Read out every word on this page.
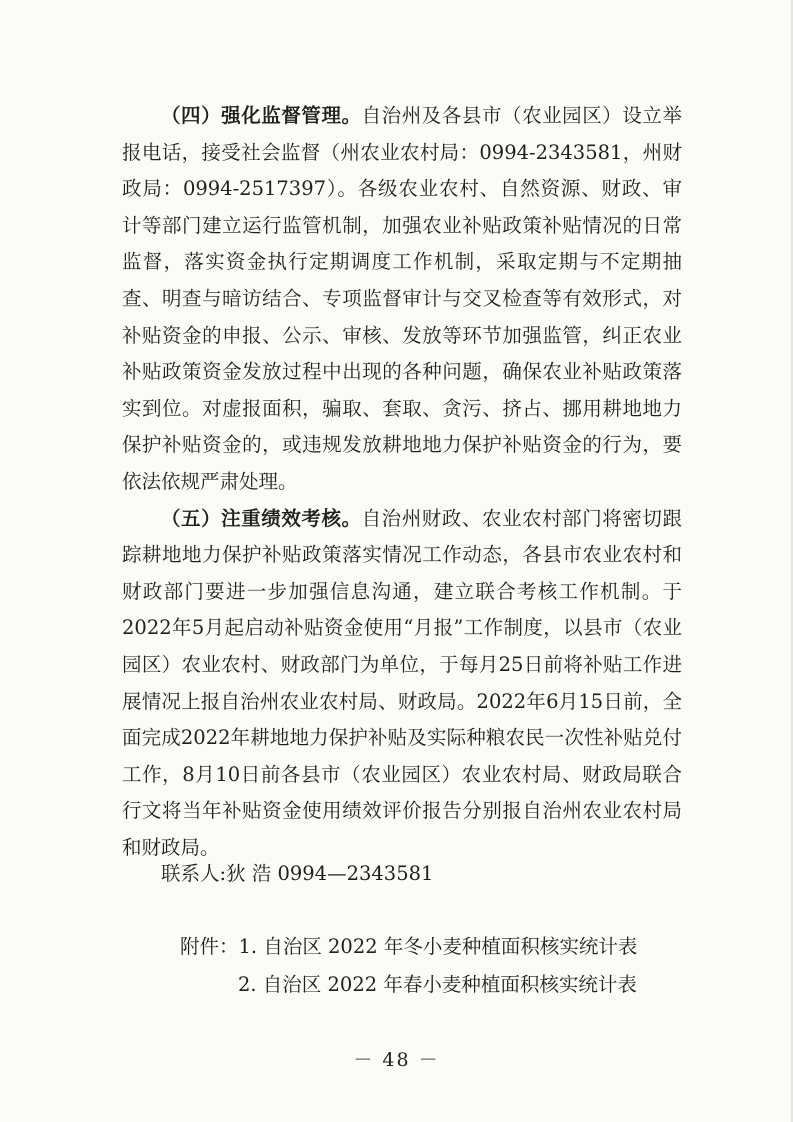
（四）强化监督管理。自治州及各县市（农业园区）设立举报电话，接受社会监督（州农业农村局：0994-2343581，州财政局：0994-2517397）。各级农业农村、自然资源、财政、审计等部门建立运行监管机制，加强农业补贴政策补贴情况的日常监督，落实资金执行定期调度工作机制，采取定期与不定期抽查、明查与暗访结合、专项监督审计与交叉检查等有效形式，对补贴资金的申报、公示、审核、发放等环节加强监管，纠正农业补贴政策资金发放过程中出现的各种问题，确保农业补贴政策落实到位。对虚报面积，骗取、套取、贪污、挤占、挪用耕地地力保护补贴资金的，或违规发放耕地地力保护补贴资金的行为，要依法依规严肃处理。

（五）注重绩效考核。自治州财政、农业农村部门将密切跟踪耕地地力保护补贴政策落实情况工作动态，各县市农业农村和财政部门要进一步加强信息沟通，建立联合考核工作机制。于2022年5月起启动补贴资金使用“月报”工作制度，以县市（农业园区）农业农村、财政部门为单位，于每月25日前将补贴工作进展情况上报自治州农业农村局、财政局。2022年6月15日前，全面完成2022年耕地地力保护补贴及实际种粮农民一次性补贴兑付工作，8月10日前各县市（农业园区）农业农村局、财政局联合行文将当年补贴资金使用绩效评价报告分别报自治州农业农村局和财政局。

联系人:狄 浩 0994—2343581
附件：1. 自治区 2022 年冬小麦种植面积核实统计表
2. 自治区 2022 年春小麦种植面积核实统计表
－ 48 －
